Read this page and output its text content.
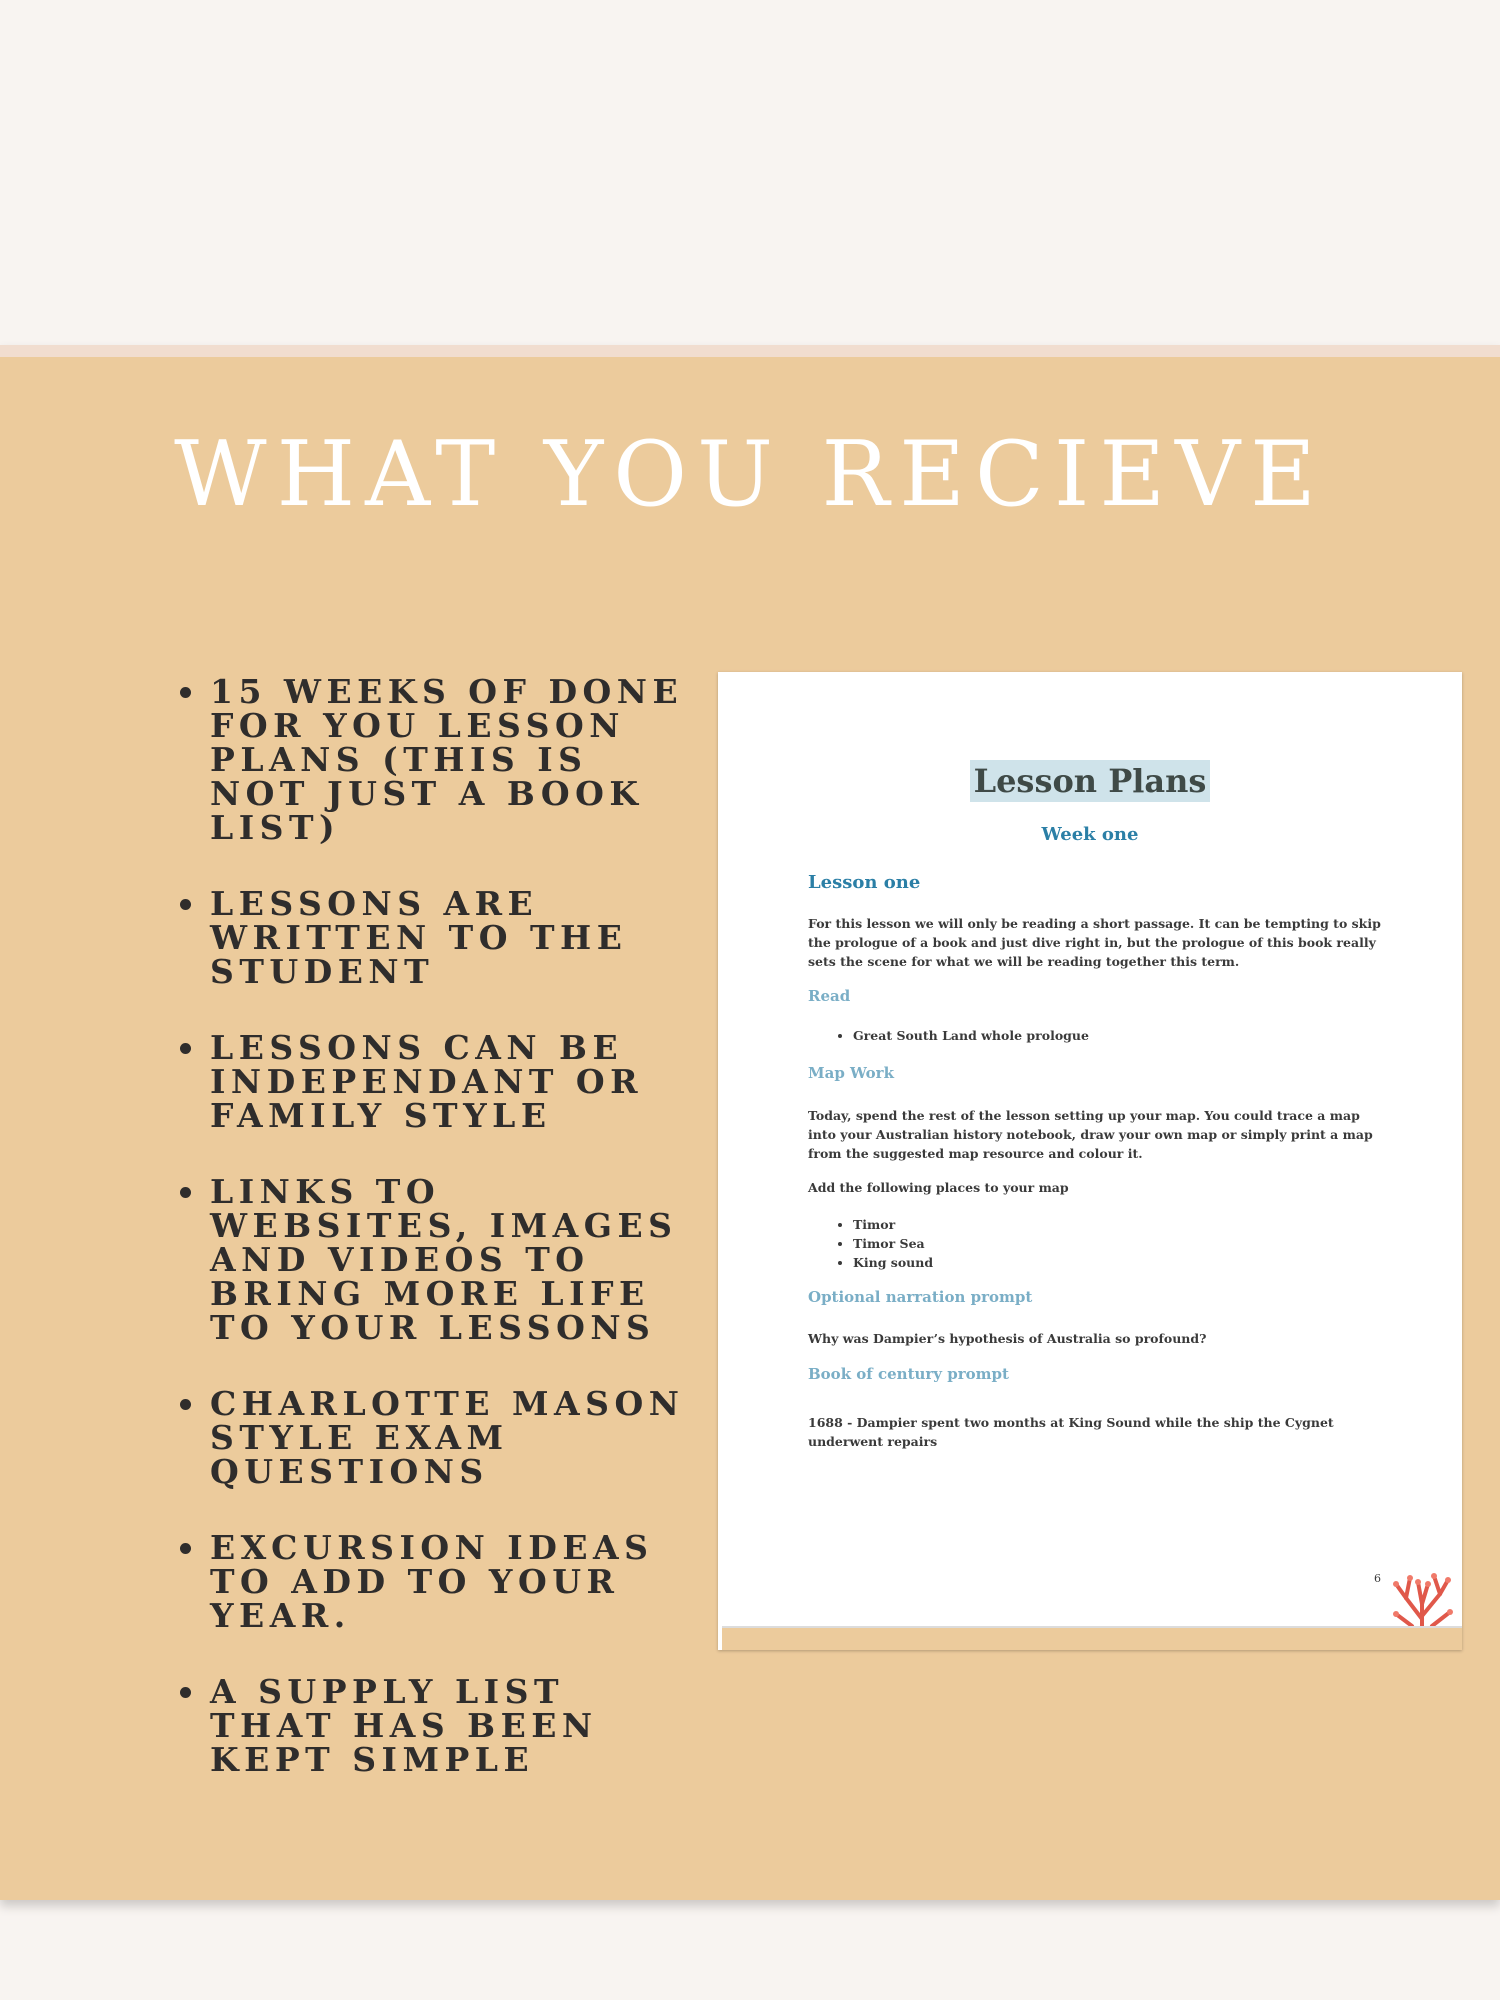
WHAT YOU RECIEVE
15 WEEKS OF DONE FOR YOU LESSON PLANS (THIS IS NOT JUST A BOOK LIST)
LESSONS ARE WRITTEN TO THE STUDENT
LESSONS CAN BE INDEPENDANT OR FAMILY STYLE
LINKS TO WEBSITES, IMAGES AND VIDEOS TO BRING MORE LIFE TO YOUR LESSONS
CHARLOTTE MASON STYLE EXAM QUESTIONS
EXCURSION IDEAS TO ADD TO YOUR YEAR.
A SUPPLY LIST THAT HAS BEEN KEPT SIMPLE
Lesson Plans
Week one
Lesson one
For this lesson we will only be reading a short passage. It can be tempting to skip the prologue of a book and just dive right in, but the prologue of this book really sets the scene for what we will be reading together this term.
Read
• Great South Land whole prologue
Map Work
Today, spend the rest of the lesson setting up your map. You could trace a map into your Australian history notebook, draw your own map or simply print a map from the suggested map resource and colour it.
Add the following places to your map
• Timor
• Timor Sea
• King sound
Optional narration prompt
Why was Dampier’s hypothesis of Australia so profound?
Book of century prompt
1688 - Dampier spent two months at King Sound while the ship the Cygnet underwent repairs
6
